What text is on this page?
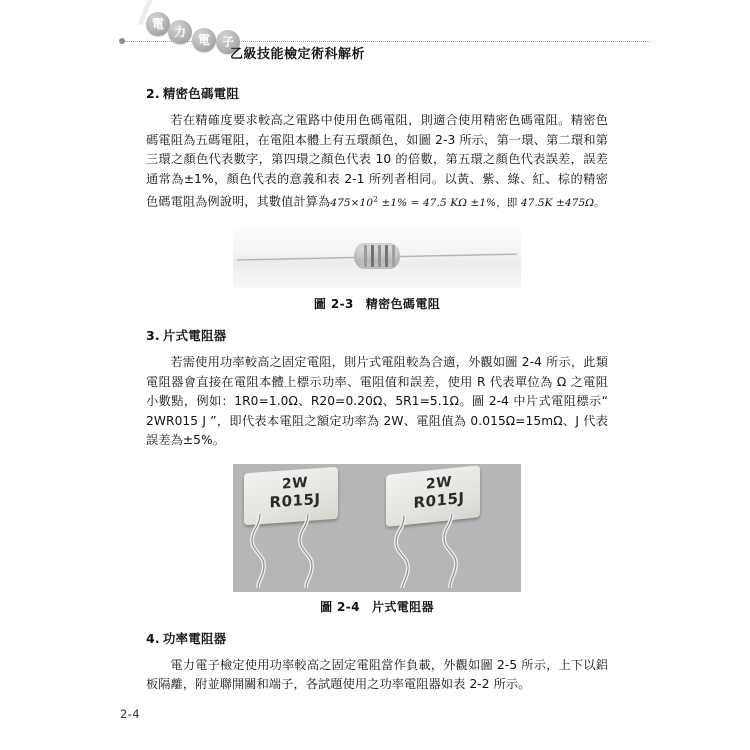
電
力
電 子
乙級技能檢定術科解析
2. 精密色碼電阻

若在精確度要求較高之電路中使用色碼電阻，則適合使用精密色碼電阻。精密色碼電阻為五碼電阻，在電阻本體上有五環顏色，如圖 2-3 所示，第一環、第二環和第三環之顏色代表數字，第四環之顏色代表 10 的倍數，第五環之顏色代表誤差，誤差通常為±1%，顏色代表的意義和表 2-1 所列者相同。以黃、紫、綠、紅、棕的精密色碼電阻為例說明，其數值計算為$475\times 10^2 \pm 1\% = 47.5$ KΩ ±1%，即 47.5K ±475Ω。

圖 2-3 精密色碼電阻
3. 片式電阻器

若需使用功率較高之固定電阻，則片式電阻較為合適，外觀如圖 2-4 所示，此類電阻器會直接在電阻本體上標示功率、電阻值和誤差，使用 R 代表單位為 Ω 之電阻小數點，例如：1R0=1.0Ω、R20=0.20Ω、5R1=5.1Ω。圖 2-4 中片式電阻標示“ 2WR015 J ”，即代表本電阻之額定功率為 2W、電阻值為 0.015Ω=15mΩ、J 代表誤差為±5%。

2W
R015J
2W
R015J
圖 2-4 片式電阻器
4. 功率電阻器

電力電子檢定使用功率較高之固定電阻當作負載，外觀如圖 2-5 所示，上下以鋁板隔離，附並聯開關和端子，各試題使用之功率電阻器如表 2-2 所示。

2-4
